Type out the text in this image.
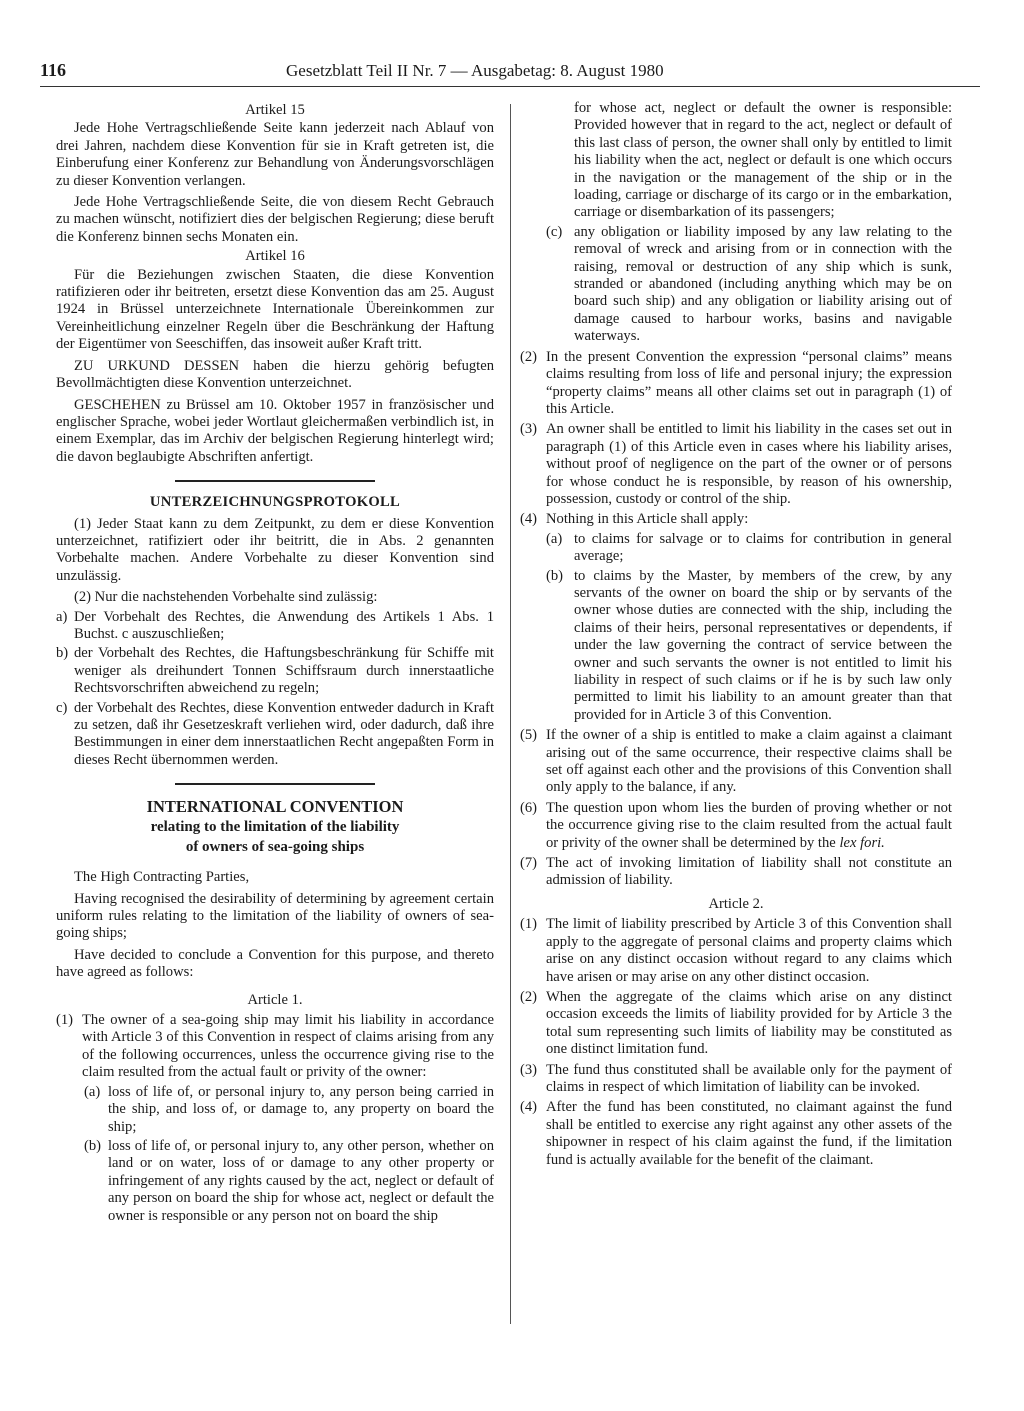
116	Gesetzblatt Teil II Nr. 7 — Ausgabetag: 8. August 1980

Artikel 15

Jede Hohe Vertragschließende Seite kann jederzeit nach Ablauf von drei Jahren, nachdem diese Konvention für sie in Kraft getreten ist, die Einberufung einer Konferenz zur Behandlung von Änderungsvorschlägen zu dieser Konvention verlangen.

Jede Hohe Vertragschließende Seite, die von diesem Recht Gebrauch zu machen wünscht, notifiziert dies der belgischen Regierung; diese beruft die Konferenz binnen sechs Monaten ein.

Artikel 16

Für die Beziehungen zwischen Staaten, die diese Konvention ratifizieren oder ihr beitreten, ersetzt diese Konvention das am 25. August 1924 in Brüssel unterzeichnete Internationale Übereinkommen zur Vereinheitlichung einzelner Regeln über die Beschränkung der Haftung der Eigentümer von Seeschiffen, das insoweit außer Kraft tritt.

ZU URKUND DESSEN haben die hierzu gehörig befugten Bevollmächtigten diese Konvention unterzeichnet.

GESCHEHEN zu Brüssel am 10. Oktober 1957 in französischer und englischer Sprache, wobei jeder Wortlaut gleichermaßen verbindlich ist, in einem Exemplar, das im Archiv der belgischen Regierung hinterlegt wird; die davon beglaubigte Abschriften anfertigt.

UNTERZEICHNUNGSPROTOKOLL

(1) Jeder Staat kann zu dem Zeitpunkt, zu dem er diese Konvention unterzeichnet, ratifiziert oder ihr beitritt, die in Abs. 2 genannten Vorbehalte machen. Andere Vorbehalte zu dieser Konvention sind unzulässig.

(2) Nur die nachstehenden Vorbehalte sind zulässig:

a) Der Vorbehalt des Rechtes, die Anwendung des Artikels 1 Abs. 1 Buchst. c auszuschließen;
b) der Vorbehalt des Rechtes, die Haftungsbeschränkung für Schiffe mit weniger als dreihundert Tonnen Schiffsraum durch innerstaatliche Rechtsvorschriften abweichend zu regeln;
c) der Vorbehalt des Rechtes, diese Konvention entweder dadurch in Kraft zu setzen, daß ihr Gesetzeskraft verliehen wird, oder dadurch, daß ihre Bestimmungen in einer dem innerstaatlichen Recht angepaßten Form in dieses Recht übernommen werden.

INTERNATIONAL CONVENTION

relating to the limitation of the liability

of owners of sea-going ships

The High Contracting Parties,

Having recognised the desirability of determining by agreement certain uniform rules relating to the limitation of the liability of owners of sea-going ships;

Have decided to conclude a Convention for this purpose, and thereto have agreed as follows:

Article 1.

(1) The owner of a sea-going ship may limit his liability in accordance with Article 3 of this Convention in respect of claims arising from any of the following occurrences, unless the occurrence giving rise to the claim resulted from the actual fault or privity of the owner:
(a) loss of life of, or personal injury to, any person being carried in the ship, and loss of, or damage to, any property on board the ship;
(b) loss of life of, or personal injury to, any other person, whether on land or on water, loss of or damage to any other property or infringement of any rights caused by the act, neglect or default of any person on board the ship for whose act, neglect or default the owner is responsible or any person not on board the ship

for whose act, neglect or default the owner is responsible: Provided however that in regard to the act, neglect or default of this last class of person, the owner shall only by entitled to limit his liability when the act, neglect or default is one which occurs in the navigation or the management of the ship or in the loading, carriage or discharge of its cargo or in the embarkation, carriage or disembarkation of its passengers;

(c) any obligation or liability imposed by any law relating to the removal of wreck and arising from or in connection with the raising, removal or destruction of any ship which is sunk, stranded or abandoned (including anything which may be on board such ship) and any obligation or liability arising out of damage caused to harbour works, basins and navigable waterways.
(2) In the present Convention the expression “personal claims” means claims resulting from loss of life and personal injury; the expression “property claims” means all other claims set out in paragraph (1) of this Article.
(3) An owner shall be entitled to limit his liability in the cases set out in paragraph (1) of this Article even in cases where his liability arises, without proof of negligence on the part of the owner or of persons for whose conduct he is responsible, by reason of his ownership, possession, custody or control of the ship.
(4) Nothing in this Article shall apply:
(a) to claims for salvage or to claims for contribution in general average;
(b) to claims by the Master, by members of the crew, by any servants of the owner on board the ship or by servants of the owner whose duties are connected with the ship, including the claims of their heirs, personal representatives or dependents, if under the law governing the contract of service between the owner and such servants the owner is not entitled to limit his liability in respect of such claims or if he is by such law only permitted to limit his liability to an amount greater than that provided for in Article 3 of this Convention.
(5) If the owner of a ship is entitled to make a claim against a claimant arising out of the same occurrence, their respective claims shall be set off against each other and the provisions of this Convention shall only apply to the balance, if any.
(6) The question upon whom lies the burden of proving whether or not the occurrence giving rise to the claim resulted from the actual fault or privity of the owner shall be determined by the lex fori.
(7) The act of invoking limitation of liability shall not constitute an admission of liability.

Article 2.

(1) The limit of liability prescribed by Article 3 of this Convention shall apply to the aggregate of personal claims and property claims which arise on any distinct occasion without regard to any claims which have arisen or may arise on any other distinct occasion.
(2) When the aggregate of the claims which arise on any distinct occasion exceeds the limits of liability provided for by Article 3 the total sum representing such limits of liability may be constituted as one distinct limitation fund.
(3) The fund thus constituted shall be available only for the payment of claims in respect of which limitation of liability can be invoked.
(4) After the fund has been constituted, no claimant against the fund shall be entitled to exercise any right against any other assets of the shipowner in respect of his claim against the fund, if the limitation fund is actually available for the benefit of the claimant.
